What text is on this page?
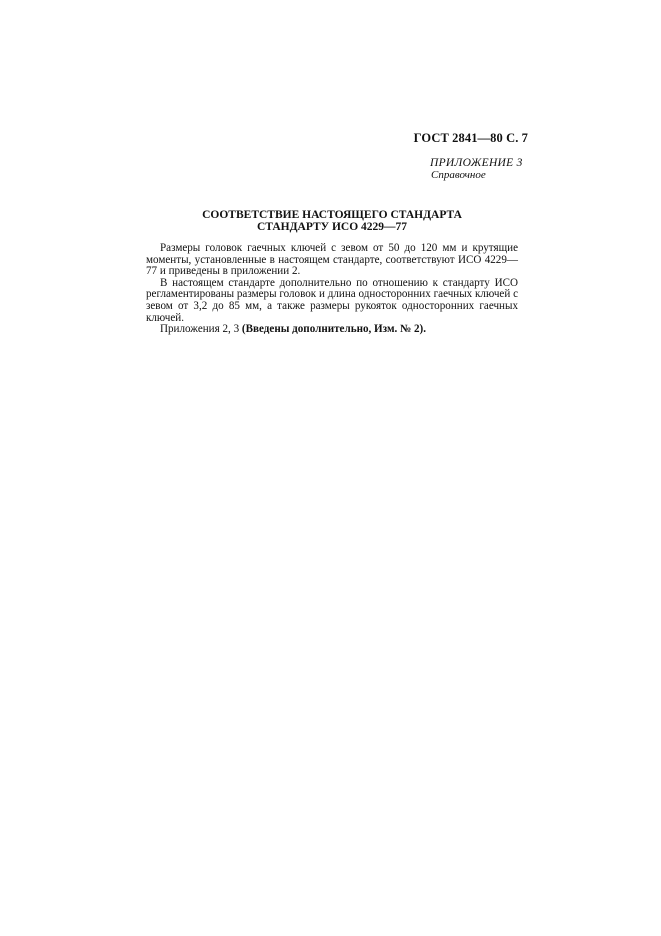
ГОСТ 2841—80 С. 7
ПРИЛОЖЕНИЕ 3
Справочное
СООТВЕТСТВИЕ НАСТОЯЩЕГО СТАНДАРТА
СТАНДАРТУ ИСО 4229—77

Размеры головок гаечных ключей с зевом от 50 до 120 мм и крутящие моменты, установленные в настоящем стандарте, соответствуют ИСО 4229—77 и приведены в приложении 2.

В настоящем стандарте дополнительно по отношению к стандарту ИСО регламентированы размеры головок и длина односторонних гаечных ключей с зевом от 3,2 до 85 мм, а также размеры рукояток односторонних гаечных ключей.

Приложения 2, 3 (Введены дополнительно, Изм. № 2).
